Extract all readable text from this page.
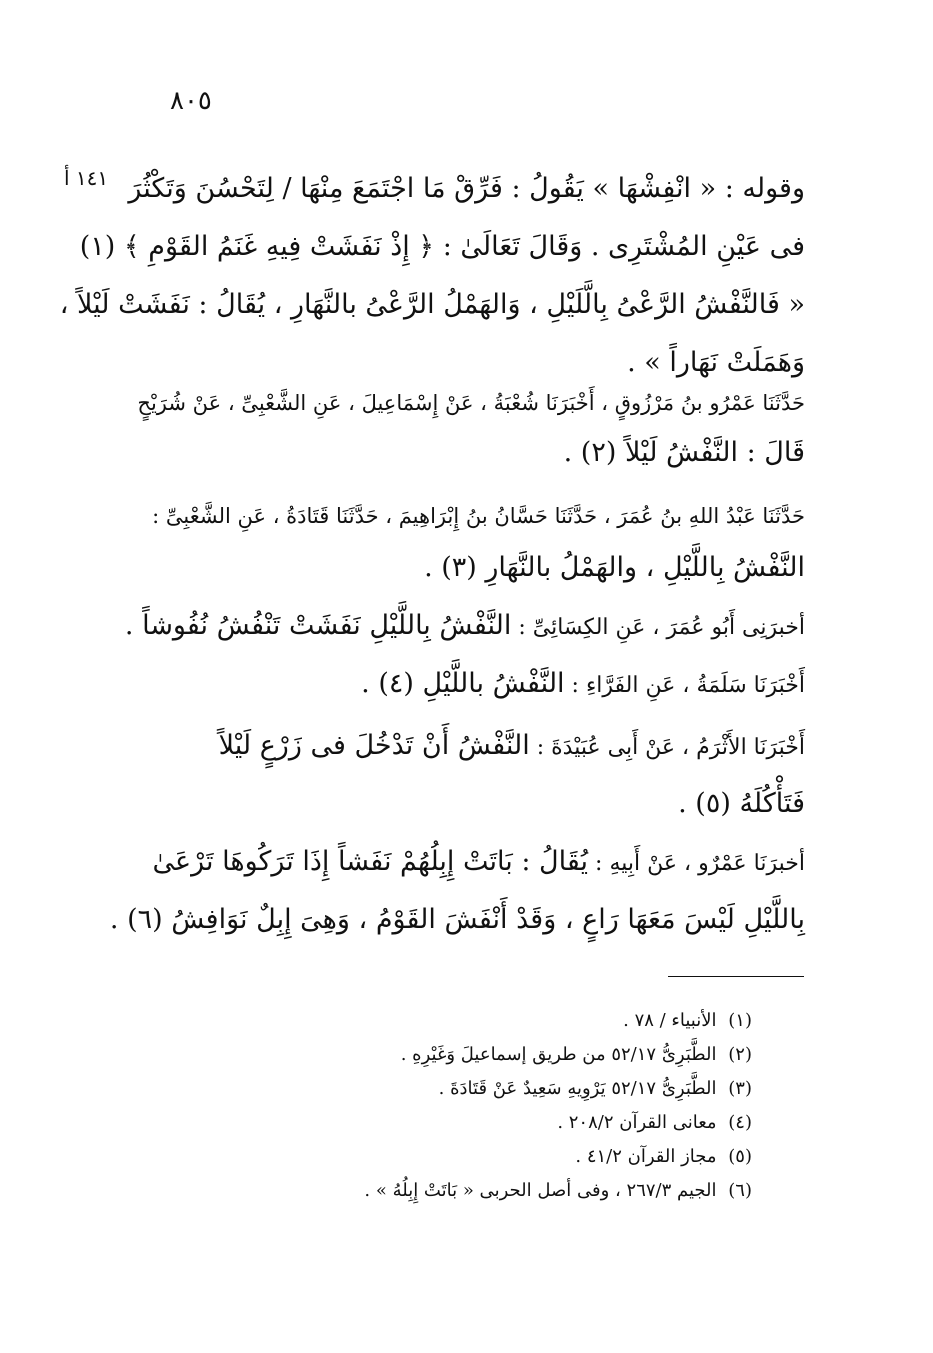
٨٠٥
١٤١ أ وقوله : « انْفِشْهَا » يَقُولُ : فَرِّقْ مَا اجْتَمَعَ مِنْهَا / لِتَحْسُنَ وَتَكْثُرَ
فى عَيْنِ المُشْتَرِى . وَقَالَ تَعَالَىٰ : ﴿ إِذْ نَفَشَتْ فِيهِ غَنَمُ القَوْمِ ﴾ (١)
« فَالنَّفْشُ الرَّعْىُ بِالَّلَيْلِ ، وَالهَمْلُ الرَّعْىُ بالنَّهَارِ ، يُقَالُ : نَفَشَتْ لَيْلاً ،
وَهَمَلَتْ نَهَاراً » .
حَدَّثَنَا عَمْرُو بنُ مَرْزُوقٍ ، أَخْبَرَنَا شُعْبَةُ ، عَنْ إِسْمَاعِيلَ ، عَنِ الشَّعْبِىِّ ، عَنْ شُرَيْحٍ
قَالَ : النَّفْشُ لَيْلاً (٢) .
حَدَّثَنَا عَبْدُ اللهِ بنُ عُمَرَ ، حَدَّثَنَا حَسَّانُ بنُ إِبْرَاهِيمَ ، حَدَّثَنَا قَتَادَةُ ، عَنِ الشَّعْبِىِّ :
النَّفْشُ بِاللَّيْلِ ، والهَمْلُ بالنَّهَارِ (٣) .
أخبرَنِى أَبُو عُمَرَ ، عَنِ الكِسَائِىِّ : النَّفْشُ بِاللَّيْلِ نَفَشَتْ تَنْفُشُ نُفُوشاً .
أَخْبَرَنَا سَلَمَةُ ، عَنِ الفَرَّاءِ : النَّفْشُ باللَّيْلِ (٤) .
أَخْبَرَنَا الأَثْرَمُ ، عَنْ أَبِى عُبَيْدَةَ : النَّفْشُ أَنْ تَدْخُلَ فى زَرْعٍ لَيْلاً
فَتَأْكُلَهُ (٥) .
أخبرَنَا عَمْرٌو ، عَنْ أَبِيهِ : يُقَالُ : بَاتَتْ إِبِلُهُمْ نَفَشاً إِذَا تَرَكُوهَا تَرْعَىٰ
بِاللَّيْلِ لَيْسَ مَعَهَا رَاعٍ ، وَقَدْ أَنْفَشَ القَوْمُ ، وَهِىَ إِبِلٌ نَوَافِشُ (٦) .
(١) الأنبياء / ٧٨ .
(٢) الطَّبَرِىُّ ٥٢/١٧ من طريق إسماعيلَ وَغَيْرِهِ .
(٣) الطَّبَرِىُّ ٥٢/١٧ يَرْوِيهِ سَعِيدٌ عَنْ قَتَادَةَ .
(٤) معانى القرآن ٢٠٨/٢ .
(٥) مجاز القرآن ٤١/٢ .
(٦) الجيم ٢٦٧/٣ ، وفى أصل الحربى « بَاتَتْ إِبِلُهُ » .
